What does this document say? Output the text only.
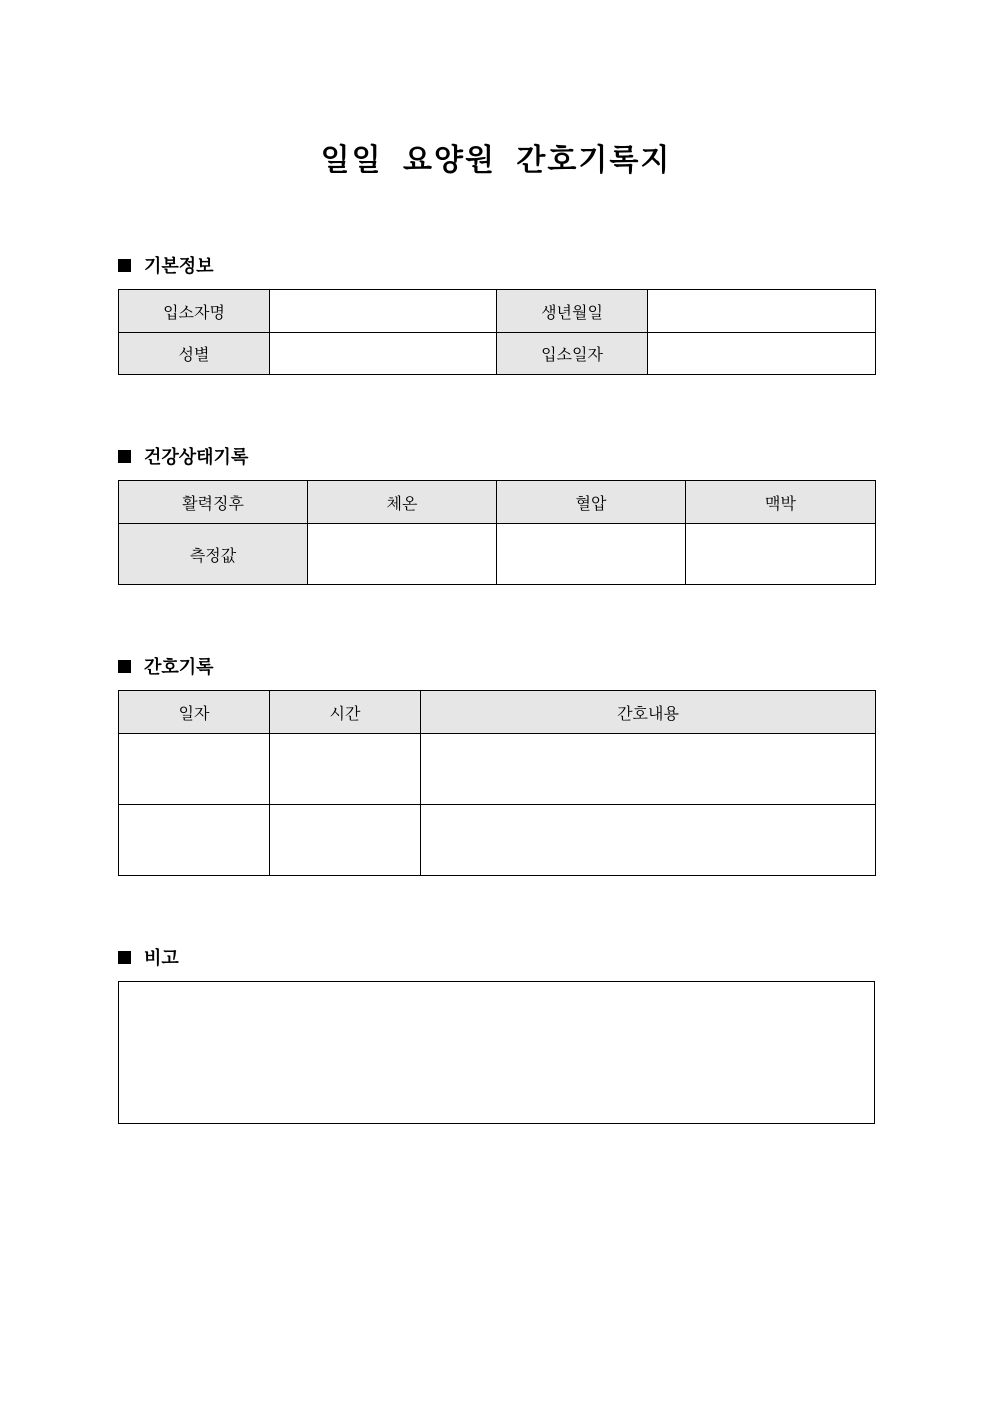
일일 요양원 간호기록지
기본정보
입소자명		생년월일	
성별		입소일자	
건강상태기록
활력징후	체온	혈압	맥박
측정값			
간호기록
일자	시간	간호내용

비고
